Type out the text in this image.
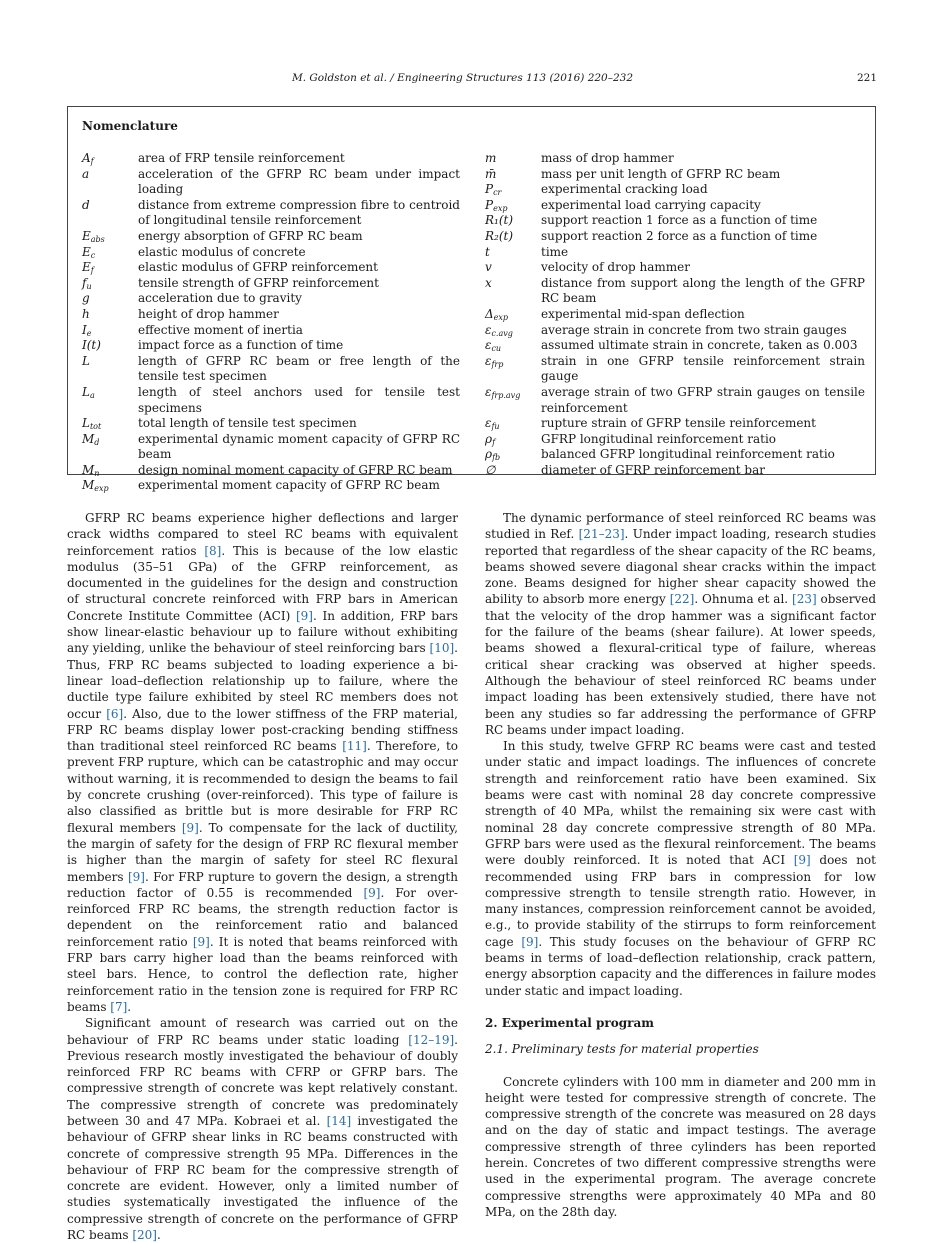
M. Goldston et al. / Engineering Structures 113 (2016) 220–232	221
Nomenclature
$A_f$	area of FRP tensile reinforcement
a	acceleration of the GFRP RC beam under impact loading
d	distance from extreme compression fibre to centroid of longitudinal tensile reinforcement
$E_{abs}$	energy absorption of GFRP RC beam
$E_c$	elastic modulus of concrete
$E_f$	elastic modulus of GFRP reinforcement
$f_u$	tensile strength of GFRP reinforcement
g	acceleration due to gravity
h	height of drop hammer
$I_e$	effective moment of inertia
I(t)	impact force as a function of time
L	length of GFRP RC beam or free length of the tensile test specimen
$L_a$	length of steel anchors used for tensile test specimens
$L_{tot}$	total length of tensile test specimen
$M_d$	experimental dynamic moment capacity of GFRP RC beam
$M_n$	design nominal moment capacity of GFRP RC beam
$M_{exp}$	experimental moment capacity of GFRP RC beam
m	mass of drop hammer
m̄	mass per unit length of GFRP RC beam
$P_{cr}$	experimental cracking load
$P_{exp}$	experimental load carrying capacity
R₁(t)	support reaction 1 force as a function of time
R₂(t)	support reaction 2 force as a function of time
t	time
v	velocity of drop hammer
x	distance from support along the length of the GFRP RC beam
$\Delta_{exp}$	experimental mid-span deflection
$\varepsilon_{c.avg}$	average strain in concrete from two strain gauges
$\varepsilon_{cu}$	assumed ultimate strain in concrete, taken as 0.003
$\varepsilon_{frp}$	strain in one GFRP tensile reinforcement strain gauge
$\varepsilon_{frp.avg}$	average strain of two GFRP strain gauges on tensile reinforcement
$\varepsilon_{fu}$	rupture strain of GFRP tensile reinforcement
$\rho_f$	GFRP longitudinal reinforcement ratio
$\rho_{fb}$	balanced GFRP longitudinal reinforcement ratio
∅	diameter of GFRP reinforcement bar

GFRP RC beams experience higher deflections and larger crack widths compared to steel RC beams with equivalent reinforcement ratios [8]. This is because of the low elastic modulus (35–51 GPa) of the GFRP reinforcement, as documented in the guidelines for the design and construction of structural concrete reinforced with FRP bars in American Concrete Institute Committee (ACI) [9]. In addition, FRP bars show linear-elastic behaviour up to failure without exhibiting any yielding, unlike the behaviour of steel reinforcing bars [10]. Thus, FRP RC beams subjected to loading experience a bi-linear load–deflection relationship up to failure, where the ductile type failure exhibited by steel RC members does not occur [6]. Also, due to the lower stiffness of the FRP material, FRP RC beams display lower post-cracking bending stiffness than traditional steel reinforced RC beams [11]. Therefore, to prevent FRP rupture, which can be catastrophic and may occur without warning, it is recommended to design the beams to fail by concrete crushing (over-reinforced). This type of failure is also classified as brittle but is more desirable for FRP RC flexural members [9]. To compensate for the lack of ductility, the margin of safety for the design of FRP RC flexural member is higher than the margin of safety for steel RC flexural members [9]. For FRP rupture to govern the design, a strength reduction factor of 0.55 is recommended [9]. For over-reinforced FRP RC beams, the strength reduction factor is dependent on the reinforcement ratio and balanced reinforcement ratio [9]. It is noted that beams reinforced with FRP bars carry higher load than the beams reinforced with steel bars. Hence, to control the deflection rate, higher reinforcement ratio in the tension zone is required for FRP RC beams [7].

Significant amount of research was carried out on the behaviour of FRP RC beams under static loading [12–19]. Previous research mostly investigated the behaviour of doubly reinforced FRP RC beams with CFRP or GFRP bars. The compressive strength of concrete was kept relatively constant. The compressive strength of concrete was predominately between 30 and 47 MPa. Kobraei et al. [14] investigated the behaviour of GFRP shear links in RC beams constructed with concrete of compressive strength 95 MPa. Differences in the behaviour of FRP RC beam for the compressive strength of concrete are evident. However, only a limited number of studies systematically investigated the influence of the compressive strength of concrete on the performance of GFRP RC beams [20].

The dynamic performance of steel reinforced RC beams was studied in Ref. [21–23]. Under impact loading, research studies reported that regardless of the shear capacity of the RC beams, beams showed severe diagonal shear cracks within the impact zone. Beams designed for higher shear capacity showed the ability to absorb more energy [22]. Ohnuma et al. [23] observed that the velocity of the drop hammer was a significant factor for the failure of the beams (shear failure). At lower speeds, beams showed a flexural-critical type of failure, whereas critical shear cracking was observed at higher speeds. Although the behaviour of steel reinforced RC beams under impact loading has been extensively studied, there have not been any studies so far addressing the performance of GFRP RC beams under impact loading.

In this study, twelve GFRP RC beams were cast and tested under static and impact loadings. The influences of concrete strength and reinforcement ratio have been examined. Six beams were cast with nominal 28 day concrete compressive strength of 40 MPa, whilst the remaining six were cast with nominal 28 day concrete compressive strength of 80 MPa. GFRP bars were used as the flexural reinforcement. The beams were doubly reinforced. It is noted that ACI [9] does not recommended using FRP bars in compression for low compressive strength to tensile strength ratio. However, in many instances, compression reinforcement cannot be avoided, e.g., to provide stability of the stirrups to form reinforcement cage [9]. This study focuses on the behaviour of GFRP RC beams in terms of load–deflection relationship, crack pattern, energy absorption capacity and the differences in failure modes under static and impact loading.

2. Experimental program
2.1. Preliminary tests for material properties

Concrete cylinders with 100 mm in diameter and 200 mm in height were tested for compressive strength of concrete. The compressive strength of the concrete was measured on 28 days and on the day of static and impact testings. The average compressive strength of three cylinders has been reported herein. Concretes of two different compressive strengths were used in the experimental program. The average concrete compressive strengths were approximately 40 MPa and 80 MPa, on the 28th day.
